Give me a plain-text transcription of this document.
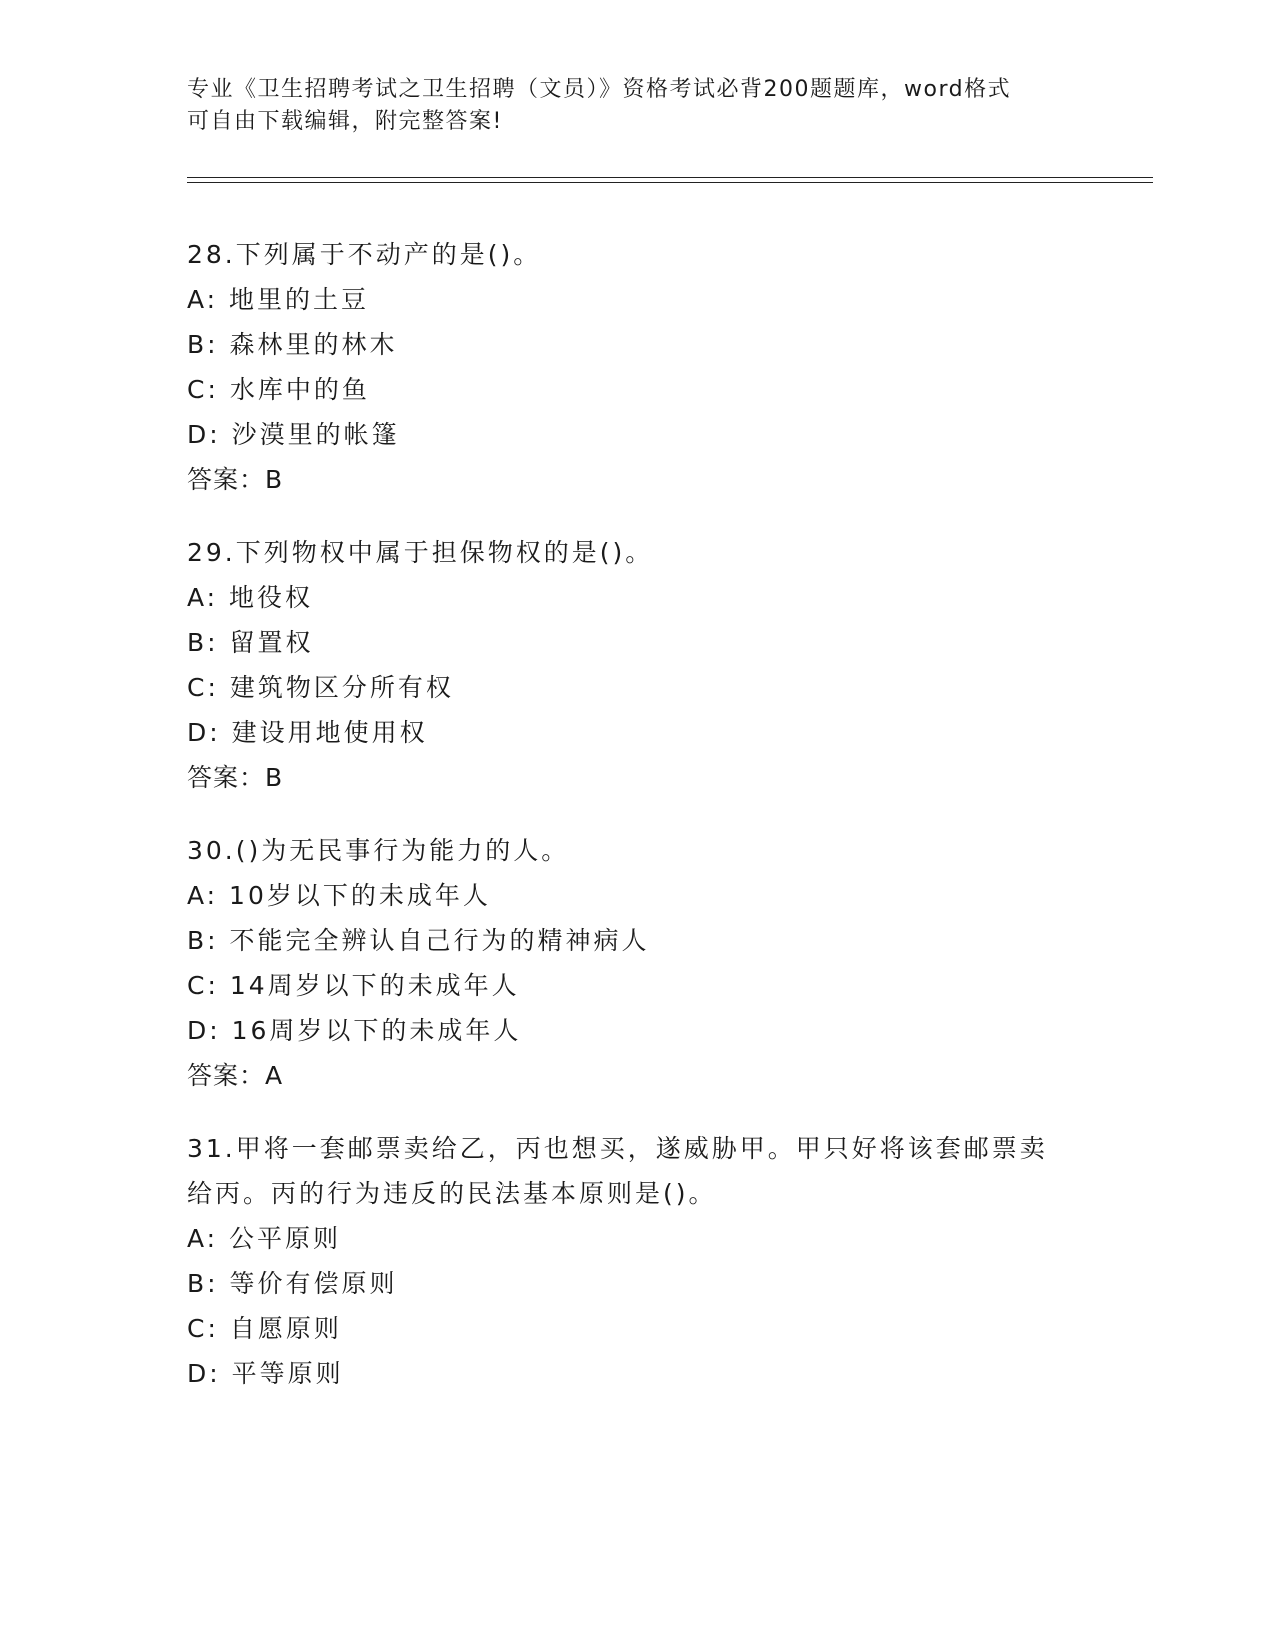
专业《卫生招聘考试之卫生招聘（文员）》资格考试必背200题题库，word格式
可自由下载编辑，附完整答案!
28.下列属于不动产的是()。
A: 地里的土豆
B: 森林里的林木
C: 水库中的鱼
D: 沙漠里的帐篷
答案：B
29.下列物权中属于担保物权的是()。
A: 地役权
B: 留置权
C: 建筑物区分所有权
D: 建设用地使用权
答案：B
30.()为无民事行为能力的人。
A: 10岁以下的未成年人
B: 不能完全辨认自己行为的精神病人
C: 14周岁以下的未成年人
D: 16周岁以下的未成年人
答案：A
31.甲将一套邮票卖给乙，丙也想买，遂威胁甲。甲只好将该套邮票卖
给丙。丙的行为违反的民法基本原则是()。
A: 公平原则
B: 等价有偿原则
C: 自愿原则
D: 平等原则
